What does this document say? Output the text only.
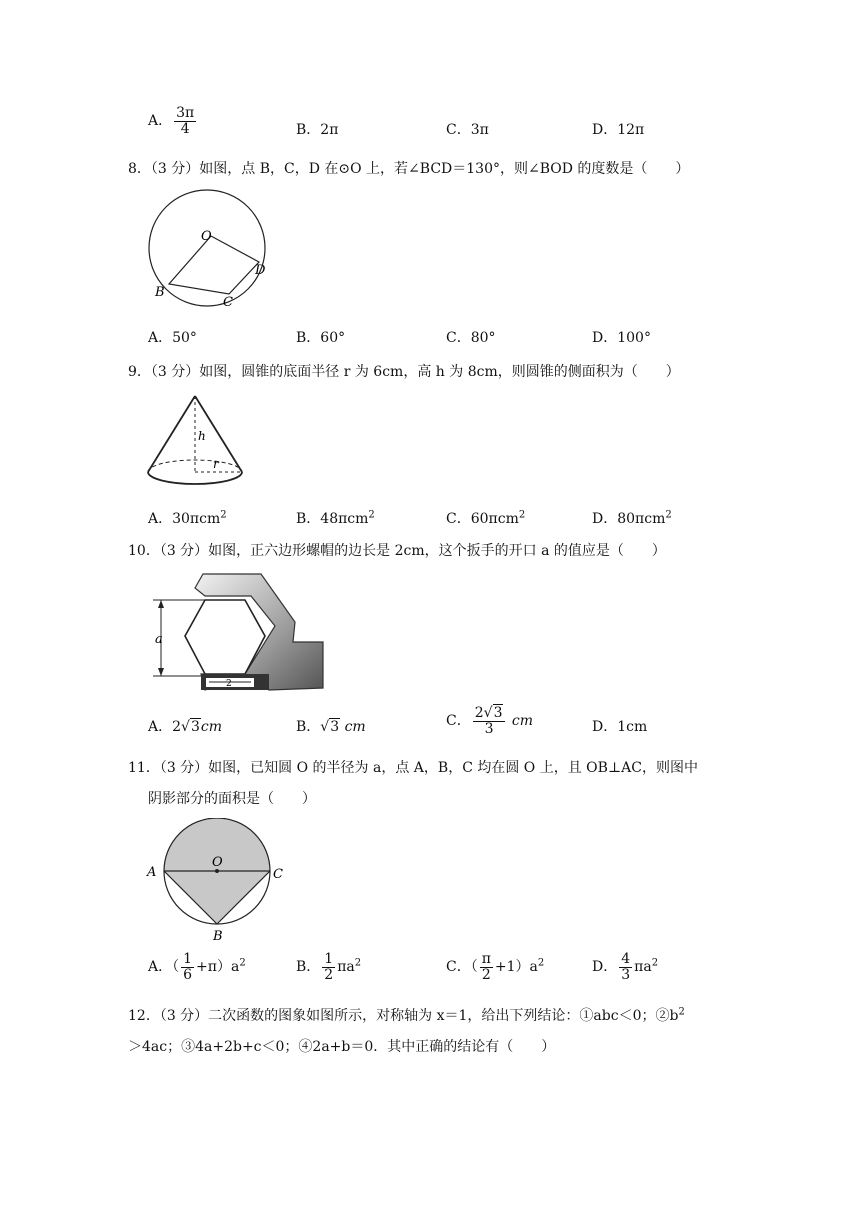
A． $\frac{3\pi}{4}$	B．2π	C．3π	D．12π
8．（3 分）如图，点 B，C，D 在⊙O 上，若∠BCD＝130°，则∠BOD 的度数是（　　）
O
B
C
D
A．50°	B．60°	C．80°	D．100°
9．（3 分）如图，圆锥的底面半径 r 为 6cm，高 h 为 8cm，则圆锥的侧面积为（　　）
h
r
A．30πcm$^2$	B．48πcm$^2$	C．60πcm$^2$	D．80πcm$^2$
10．（3 分）如图，正六边形螺帽的边长是 2cm，这个扳手的开口 a 的值应是（　　）
a
2
A．2√3cm	B．√3 cm	C． $\frac{2√3}{3}$ cm	D．1cm
11．（3 分）如图，已知圆 O 的半径为 a，点 A，B，C 均在圆 O 上，且 OB⊥AC，则图中
阴影部分的面积是（　　）
A
O
C
B
A．（ $\frac{1}{6} +\pi)a^2$	B． $\frac{1}{2} \pi a^2$	C．（ $\frac{\pi}{2} +1)a^2$	D． $\frac{4}{3} \pi a^2$
12．（3 分）二次函数的图象如图所示，对称轴为 x＝1，给出下列结论：①abc＜0；$②b^2$
＞4ac；③4a+2b+c＜0；④2a+b＝0．其中正确的结论有（　　）
